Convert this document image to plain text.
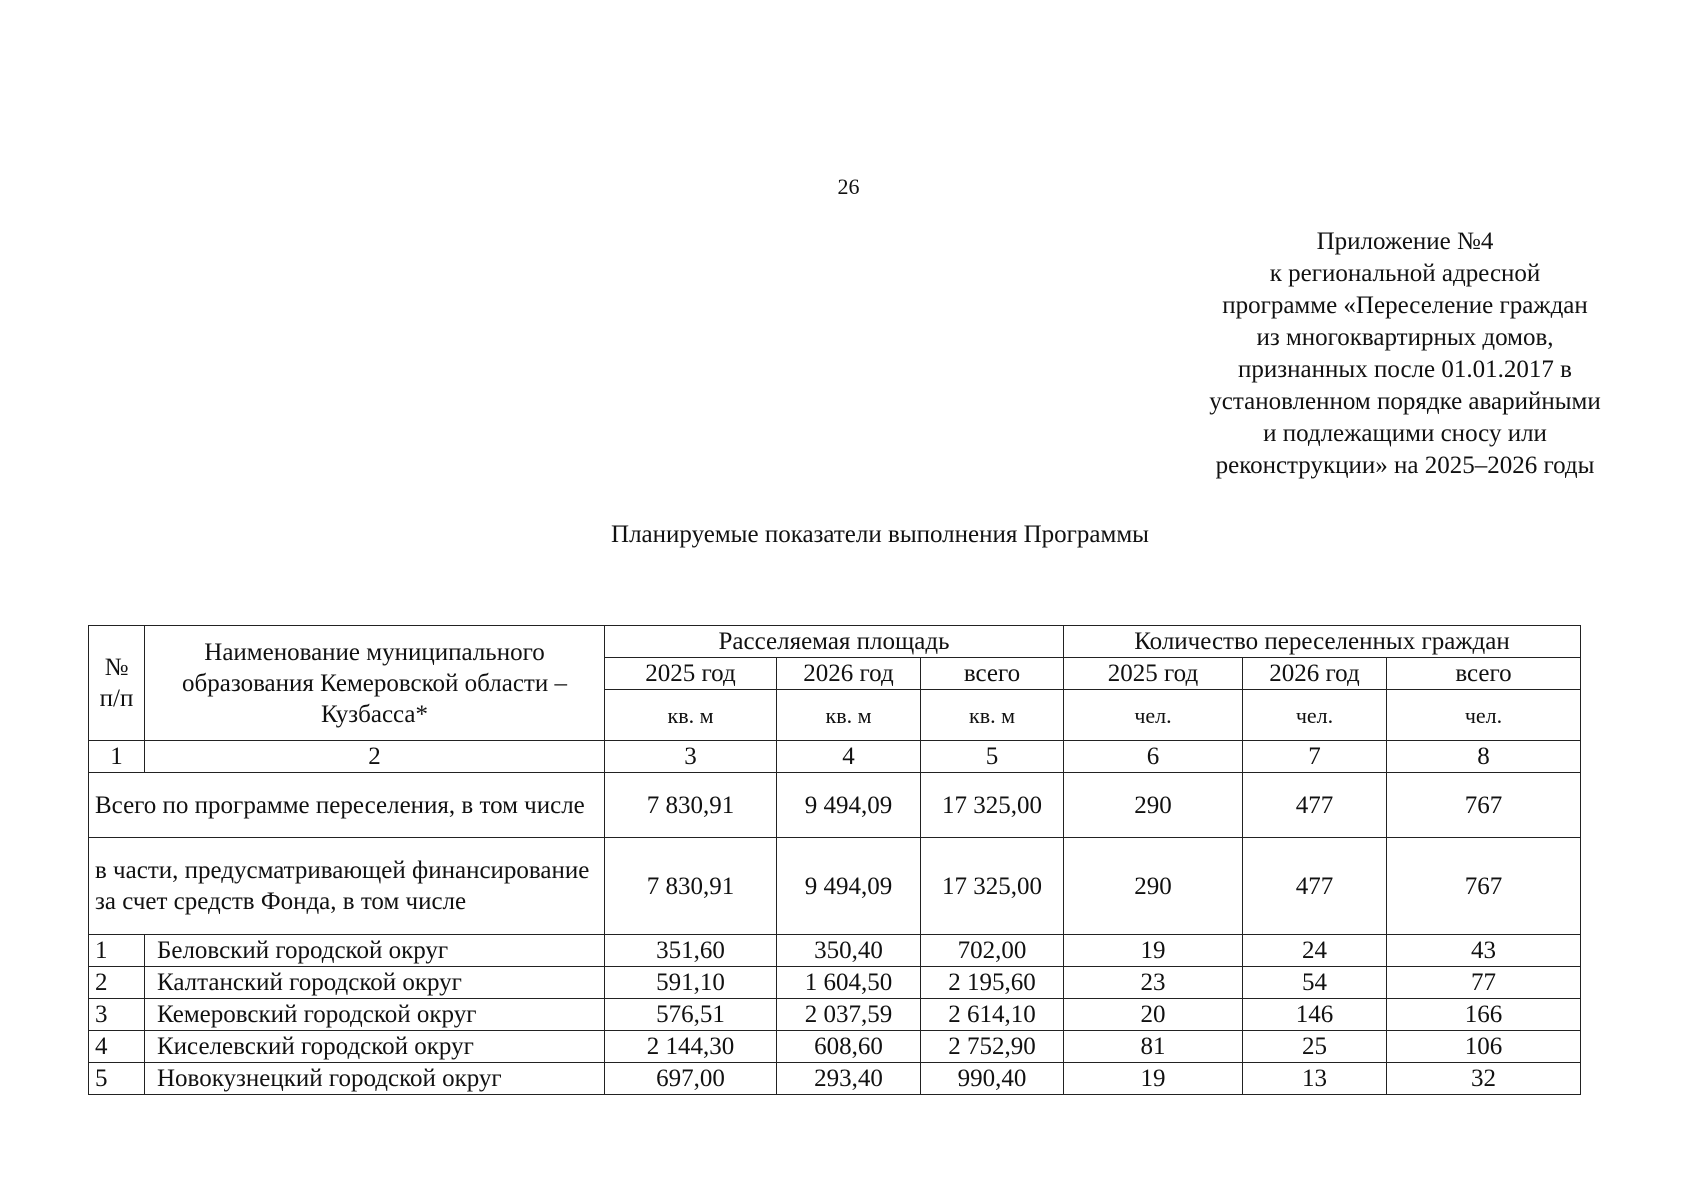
26
Приложение №4
к региональной адресной
программе «Переселение граждан
из многоквартирных домов,
признанных после 01.01.2017 в
установленном порядке аварийными
и подлежащими сносу или
реконструкции» на 2025–2026 годы
Планируемые показатели выполнения Программы
№ п/п	Наименование муниципального образования Кемеровской области – Кузбасса*	Расселяемая площадь			Количество переселенных граждан		
		2025 год	2026 год	всего	2025 год	2026 год	всего
		кв. м	кв. м	кв. м	чел.	чел.	чел.
1	2	3	4	5	6	7	8
Всего по программе переселения, в том числе		7 830,91	9 494,09	17 325,00	290	477	767
в части, предусматривающей финансирование за счет средств Фонда, в том числе		7 830,91	9 494,09	17 325,00	290	477	767
1	Беловский городской округ	351,60	350,40	702,00	19	24	43
2	Калтанский городской округ	591,10	1 604,50	2 195,60	23	54	77
3	Кемеровский городской округ	576,51	2 037,59	2 614,10	20	146	166
4	Киселевский городской округ	2 144,30	608,60	2 752,90	81	25	106
5	Новокузнецкий городской округ	697,00	293,40	990,40	19	13	32
